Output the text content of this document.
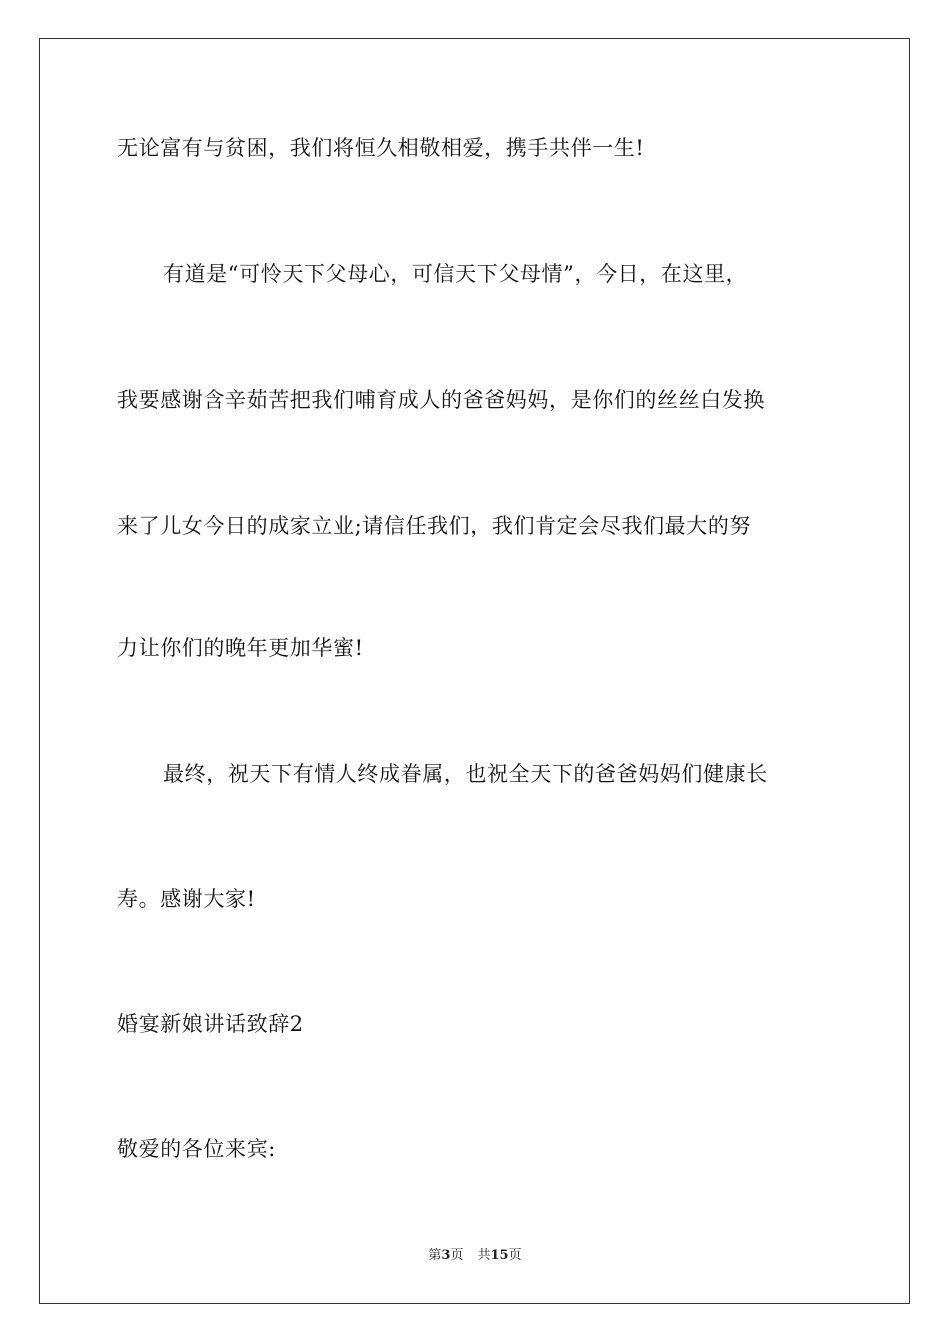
无论富有与贫困，我们将恒久相敬相爱，携手共伴一生!
有道是“可怜天下父母心，可信天下父母情”，今日，在这里，
我要感谢含辛茹苦把我们哺育成人的爸爸妈妈，是你们的丝丝白发换
来了儿女今日的成家立业;请信任我们，我们肯定会尽我们最大的努
力让你们的晚年更加华蜜!
最终，祝天下有情人终成眷属，也祝全天下的爸爸妈妈们健康长
寿。感谢大家!
婚宴新娘讲话致辞2
敬爱的各位来宾:
第3页 共15页
